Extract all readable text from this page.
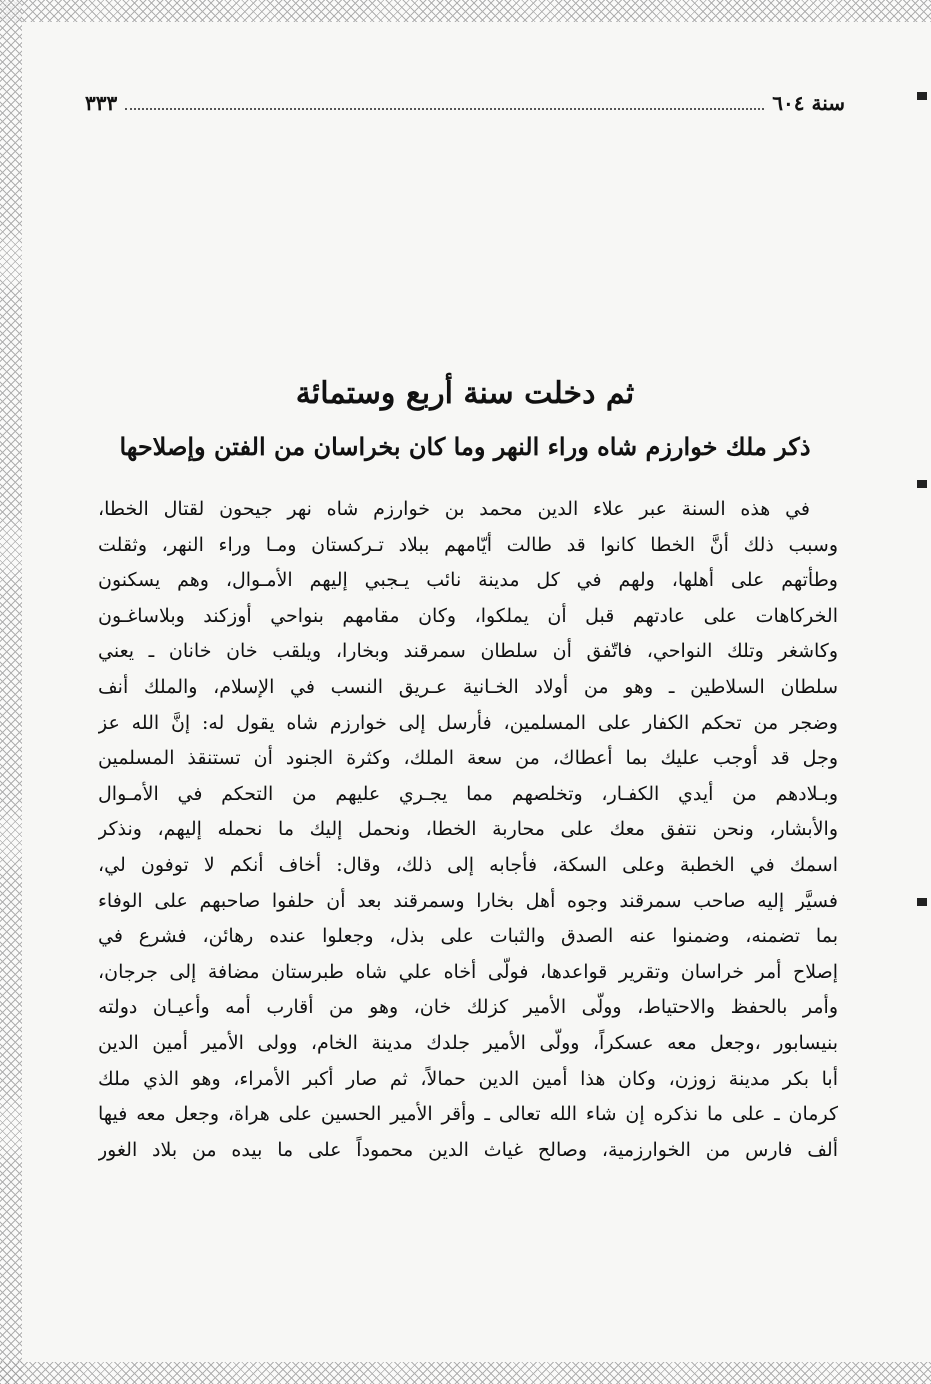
سنة ٦٠٤
٣٣٣
ثم دخلت سنة أربع وستمائة
ذكر ملك خوارزم شاه وراء النهر وما كان بخراسان من الفتن وإصلاحها
في هذه السنة عبر علاء الدين محمد بن خوارزم شاه نهر جيحون لقتال الخطا،
وسبب ذلك أنَّ الخطا كانوا قد طالت أيّامهم ببلاد تـركستان ومـا وراء النهر، وثقلت
وطأتهم على أهلها، ولهم في كل مدينة نائب يـجبي إليهم الأمـوال، وهم يسكنون
الخركاهات على عادتهم قبل أن يملكوا، وكان مقامهم بنواحي أوزكند وبلاساغـون
وكاشغر وتلك النواحي، فاتّفق أن سلطان سمرقند وبخارا، ويلقب خان خانان ـ يعني
سلطان السلاطين ـ وهو من أولاد الخـانية عـريق النسب في الإسلام، والملك أنف
وضجر من تحكم الكفار على المسلمين، فأرسل إلى خوارزم شاه يقول له: إنَّ الله عز
وجل قد أوجب عليك بما أعطاك، من سعة الملك، وكثرة الجنود أن تستنقذ المسلمين
وبـلادهم من أيدي الكفـار، وتخلصهم مما يجـري عليهم من التحكم في الأمـوال
والأبشار، ونحن نتفق معك على محاربة الخطا، ونحمل إليك ما نحمله إليهم، ونذكر
اسمك في الخطبة وعلى السكة، فأجابه إلى ذلك، وقال: أخاف أنكم لا توفون لي،
فسيَّر إليه صاحب سمرقند وجوه أهل بخارا وسمرقند بعد أن حلفوا صاحبهم على الوفاء
بما تضمنه، وضمنوا عنه الصدق والثبات على بذل، وجعلوا عنده رهائن، فشرع في
إصلاح أمر خراسان وتقرير قواعدها، فولّى أخاه علي شاه طبرستان مضافة إلى جرجان،
وأمر بالحفظ والاحتياط، وولّى الأمير كزلك خان، وهو من أقارب أمه وأعيـان دولته
بنيسابور ،وجعل معه عسكراً، وولّى الأمير جلدك مدينة الخام، وولى الأمير أمين الدين
أبا بكر مدينة زوزن، وكان هذا أمين الدين حمالاً، ثم صار أكبر الأمراء، وهو الذي ملك
كرمان ـ على ما نذكره إن شاء الله تعالى ـ وأقر الأمير الحسين على هراة، وجعل معه فيها
ألف فارس من الخوارزمية، وصالح غياث الدين محموداً على ما بيده من بلاد الغور
